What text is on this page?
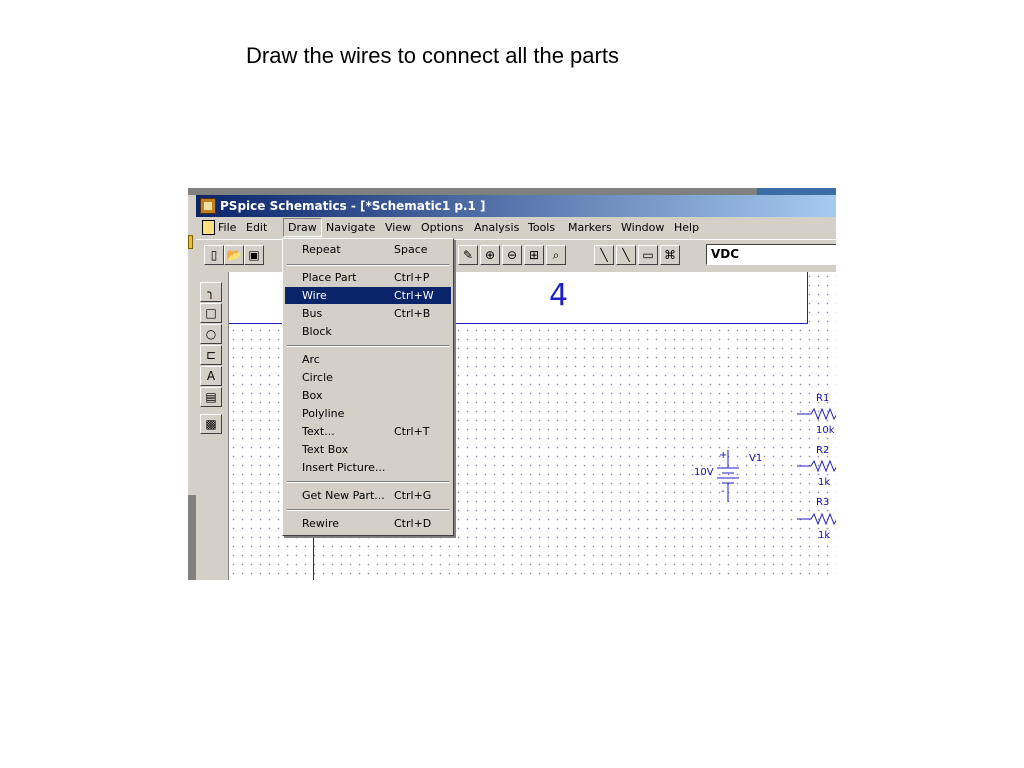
Draw the wires to connect all the parts
PSpice Schematics - [*Schematic1 p.1 ]
File Edit	Draw Navigate View Options Analysis Tools Markers Window Help
▯ 📂 ▣	✎ ⊕ ⊖ ⊞	⌕	╲	╲	▭ ⌘	VDC
╮
□
○
⊏
A
▤
▩
4
+
-
V1
10V
R1
10k
R2
1k
R3
1k
Repeat	Space
Place Part	Ctrl+P
Wire	Ctrl+W
Bus	Ctrl+B
Block
Arc
Circle
Box
Polyline
Text...	Ctrl+T
Text Box
Insert Picture...
Get New Part... Ctrl+G
Rewire	Ctrl+D
